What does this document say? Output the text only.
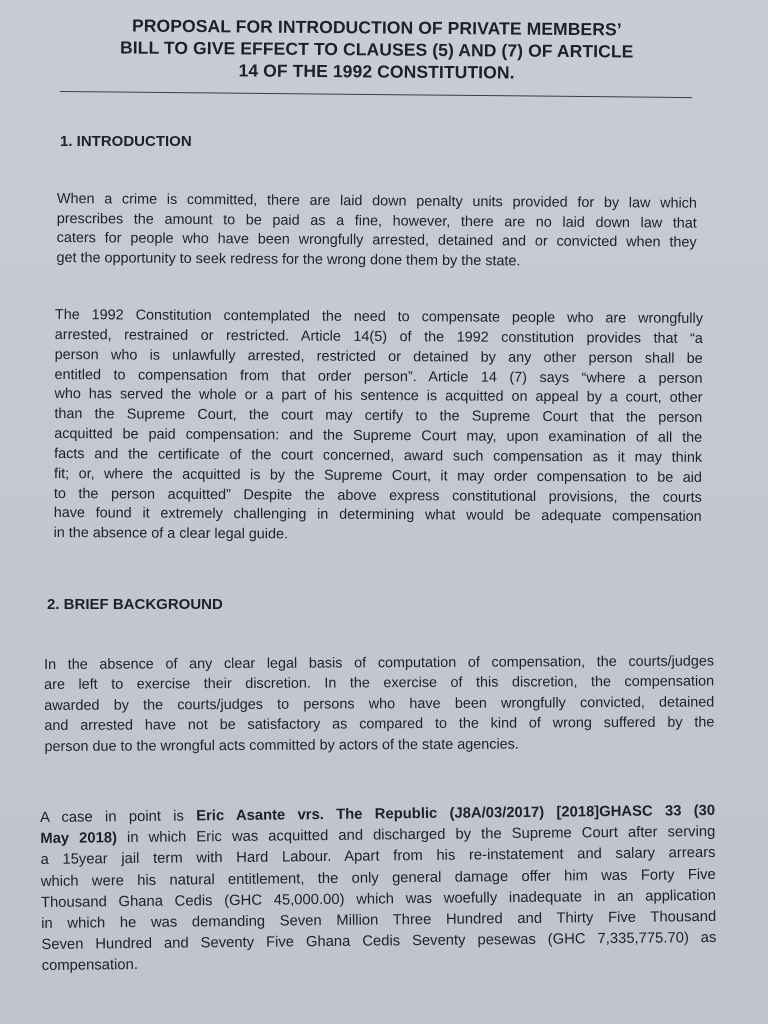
PROPOSAL FOR INTRODUCTION OF PRIVATE MEMBERS’
BILL TO GIVE EFFECT TO CLAUSES (5) AND (7) OF ARTICLE
14 OF THE 1992 CONSTITUTION.
1. INTRODUCTION
When a crime is committed, there are laid down penalty units provided for by law which
prescribes the amount to be paid as a fine, however, there are no laid down law that
caters for people who have been wrongfully arrested, detained and or convicted when they
get the opportunity to seek redress for the wrong done them by the state.
The 1992 Constitution contemplated the need to compensate people who are wrongfully
arrested, restrained or restricted. Article 14(5) of the 1992 constitution provides that “a
person who is unlawfully arrested, restricted or detained by any other person shall be
entitled to compensation from that order person”. Article 14 (7) says “where a person
who has served the whole or a part of his sentence is acquitted on appeal by a court, other
than the Supreme Court, the court may certify to the Supreme Court that the person
acquitted be paid compensation: and the Supreme Court may, upon examination of all the
facts and the certificate of the court concerned, award such compensation as it may think
fit; or, where the acquitted is by the Supreme Court, it may order compensation to be aid
to the person acquitted” Despite the above express constitutional provisions, the courts
have found it extremely challenging in determining what would be adequate compensation
in the absence of a clear legal guide.
2. BRIEF BACKGROUND
In the absence of any clear legal basis of computation of compensation, the courts/judges
are left to exercise their discretion. In the exercise of this discretion, the compensation
awarded by the courts/judges to persons who have been wrongfully convicted, detained
and arrested have not be satisfactory as compared to the kind of wrong suffered by the
person due to the wrongful acts committed by actors of the state agencies.
A case in point is Eric Asante vrs. The Republic (J8A/03/2017) [2018]GHASC 33 (30
May 2018) in which Eric was acquitted and discharged by the Supreme Court after serving
a 15year jail term with Hard Labour. Apart from his re-instatement and salary arrears
which were his natural entitlement, the only general damage offer him was Forty Five
Thousand Ghana Cedis (GHC 45,000.00) which was woefully inadequate in an application
in which he was demanding Seven Million Three Hundred and Thirty Five Thousand
Seven Hundred and Seventy Five Ghana Cedis Seventy pesewas (GHC 7,335,775.70) as
compensation.
